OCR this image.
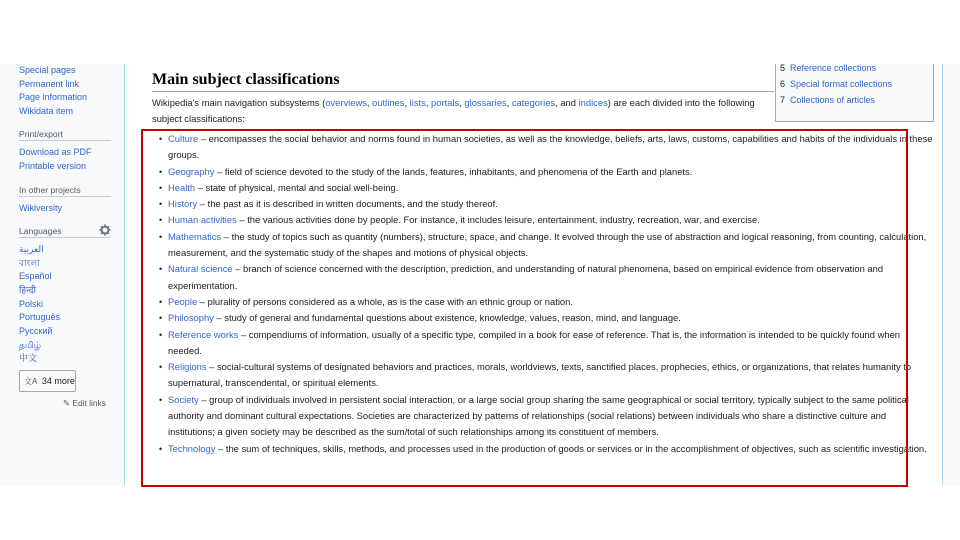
Special pages
Permanent link
Page information
Wikidata item
Print/export
Download as PDF
Printable version
In other projects
Wikiversity
Languages
العربية
বাংলা
Español
हिन्दी
Polski
Português
Русский
தமிழ்
中文
文A 34 more
✎ Edit links
Main subject classifications

Wikipedia's main navigation subsystems (overviews, outlines, lists, portals, glossaries, categories, and indices) are each divided into the following subject classifications:

5 Reference collections
6 Special format collections
7 Collections of articles
• Culture – encompasses the social behavior and norms found in human societies, as well as the knowledge, beliefs, arts, laws, customs, capabilities and habits of the individuals in these groups.
• Geography – field of science devoted to the study of the lands, features, inhabitants, and phenomena of the Earth and planets.
• Health – state of physical, mental and social well-being.
• History – the past as it is described in written documents, and the study thereof.
• Human activities – the various activities done by people. For instance, it includes leisure, entertainment, industry, recreation, war, and exercise.
• Mathematics – the study of topics such as quantity (numbers), structure, space, and change. It evolved through the use of abstraction and logical reasoning, from counting, calculation, measurement, and the systematic study of the shapes and motions of physical objects.
• Natural science – branch of science concerned with the description, prediction, and understanding of natural phenomena, based on empirical evidence from observation and experimentation.
• People – plurality of persons considered as a whole, as is the case with an ethnic group or nation.
• Philosophy – study of general and fundamental questions about existence, knowledge, values, reason, mind, and language.
• Reference works – compendiums of information, usually of a specific type, compiled in a book for ease of reference. That is, the information is intended to be quickly found when needed.
• Religions – social-cultural systems of designated behaviors and practices, morals, worldviews, texts, sanctified places, prophecies, ethics, or organizations, that relates humanity to supernatural, transcendental, or spiritual elements.
• Society – group of individuals involved in persistent social interaction, or a large social group sharing the same geographical or social territory, typically subject to the same political authority and dominant cultural expectations. Societies are characterized by patterns of relationships (social relations) between individuals who share a distinctive culture and institutions; a given society may be described as the sum/total of such relationships among its constituent of members.
• Technology – the sum of techniques, skills, methods, and processes used in the production of goods or services or in the accomplishment of objectives, such as scientific investigation.
